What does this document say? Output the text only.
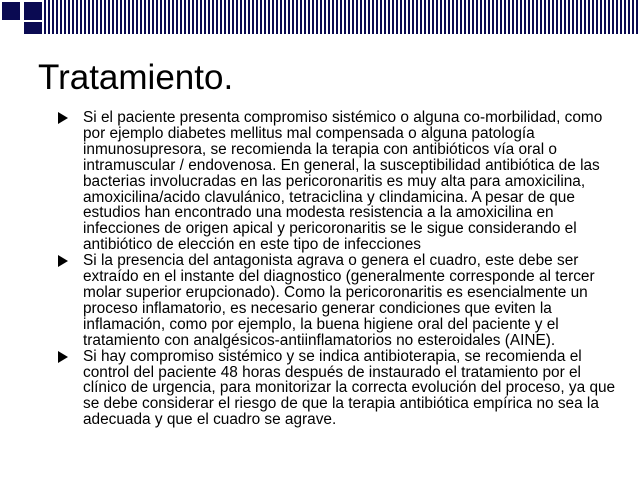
Tratamiento.
Si el paciente presenta compromiso sistémico o alguna co-morbilidad, como por ejemplo diabetes mellitus mal compensada o alguna patología inmunosupresora, se recomienda la terapia con antibióticos vía oral o intramuscular / endovenosa. En general, la susceptibilidad antibiótica de las bacterias involucradas en las pericoronaritis es muy alta para amoxicilina, amoxicilina/acido clavulánico, tetraciclina y clindamicina. A pesar de que estudios han encontrado una modesta resistencia a la amoxicilina en infecciones de origen apical y pericoronaritis se le sigue considerando el antibiótico de elección en este tipo de infecciones
Si la presencia del antagonista agrava o genera el cuadro, este debe ser extraído en el instante del diagnostico (generalmente corresponde al tercer molar superior erupcionado). Como la pericoronaritis es esencialmente un proceso inflamatorio, es necesario generar condiciones que eviten la inflamación, como por ejemplo, la buena higiene oral del paciente y el tratamiento con analgésicos-antiinflamatorios no esteroidales (AINE).
Si hay compromiso sistémico y se indica antibioterapia, se recomienda el control del paciente 48 horas después de instaurado el tratamiento por el clínico de urgencia, para monitorizar la correcta evolución del proceso, ya que se debe considerar el riesgo de que la terapia antibiótica empírica no sea la adecuada y que el cuadro se agrave.
